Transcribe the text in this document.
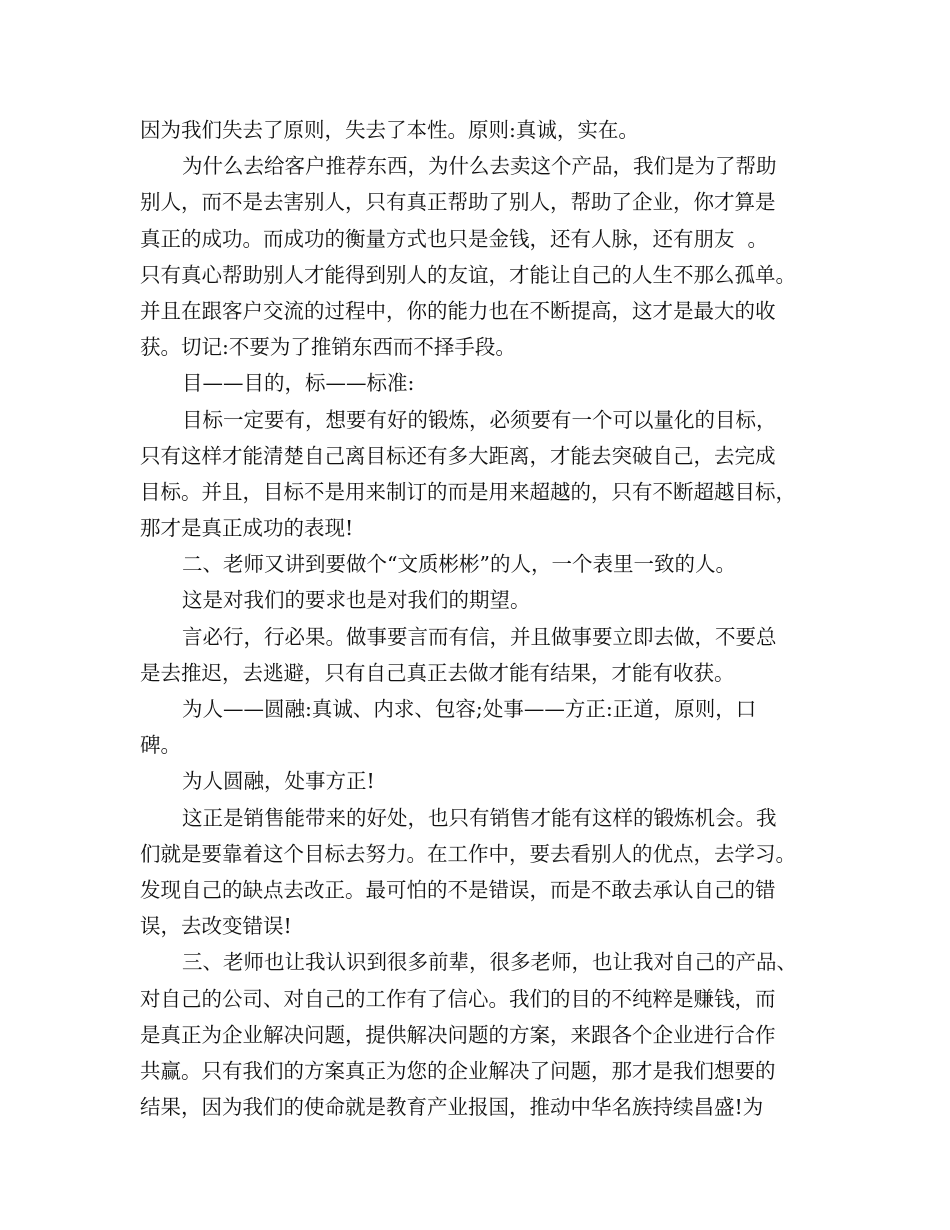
因为我们失去了原则，失去了本性。原则:真诚，实在。
为什么去给客户推荐东西，为什么去卖这个产品，我们是为了帮助
别人，而不是去害别人，只有真正帮助了别人，帮助了企业，你才算是
真正的成功。而成功的衡量方式也只是金钱，还有人脉，还有朋友  。
只有真心帮助别人才能得到别人的友谊，才能让自己的人生不那么孤单。
并且在跟客户交流的过程中，你的能力也在不断提高，这才是最大的收
获。切记:不要为了推销东西而不择手段。
目——目的，标——标准:
目标一定要有，想要有好的锻炼，必须要有一个可以量化的目标，
只有这样才能清楚自己离目标还有多大距离，才能去突破自己，去完成
目标。并且，目标不是用来制订的而是用来超越的，只有不断超越目标，
那才是真正成功的表现!
二、老师又讲到要做个“文质彬彬”的人，一个表里一致的人。
这是对我们的要求也是对我们的期望。
言必行，行必果。做事要言而有信，并且做事要立即去做，不要总
是去推迟，去逃避，只有自己真正去做才能有结果，才能有收获。
为人——圆融:真诚、内求、包容;处事——方正:正道，原则，口
碑。
为人圆融，处事方正!
这正是销售能带来的好处，也只有销售才能有这样的锻炼机会。我
们就是要靠着这个目标去努力。在工作中，要去看别人的优点，去学习。
发现自己的缺点去改正。最可怕的不是错误，而是不敢去承认自己的错
误，去改变错误!
三、老师也让我认识到很多前辈，很多老师，也让我对自己的产品、
对自己的公司、对自己的工作有了信心。我们的目的不纯粹是赚钱，而
是真正为企业解决问题，提供解决问题的方案，来跟各个企业进行合作
共赢。只有我们的方案真正为您的企业解决了问题，那才是我们想要的
结果，因为我们的使命就是教育产业报国，推动中华名族持续昌盛!为
